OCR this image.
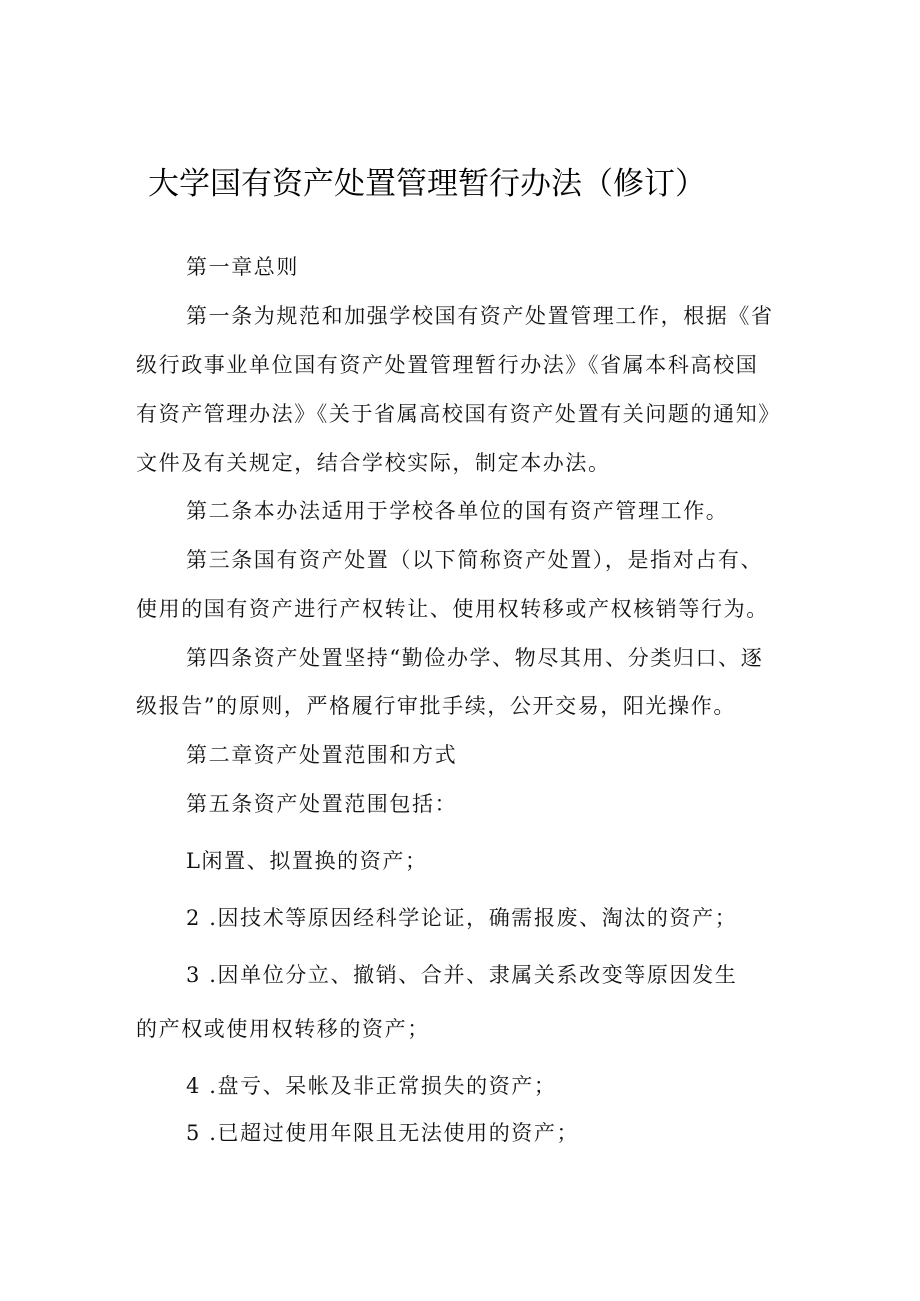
大学国有资产处置管理暂行办法（修订）
第一章总则
第一条为规范和加强学校国有资产处置管理工作，根据《省
级行政事业单位国有资产处置管理暂行办法》《省属本科高校国
有资产管理办法》《关于省属高校国有资产处置有关问题的通知》
文件及有关规定，结合学校实际，制定本办法。
第二条本办法适用于学校各单位的国有资产管理工作。
第三条国有资产处置（以下简称资产处置），是指对占有、
使用的国有资产进行产权转让、使用权转移或产权核销等行为。
第四条资产处置坚持“勤俭办学、物尽其用、分类归口、逐
级报告”的原则，严格履行审批手续，公开交易，阳光操作。
第二章资产处置范围和方式
第五条资产处置范围包括：
L闲置、拟置换的资产；
2 .因技术等原因经科学论证，确需报废、淘汰的资产；
3 .因单位分立、撤销、合并、隶属关系改变等原因发生
的产权或使用权转移的资产；
4 .盘亏、呆帐及非正常损失的资产；
5 .已超过使用年限且无法使用的资产；
